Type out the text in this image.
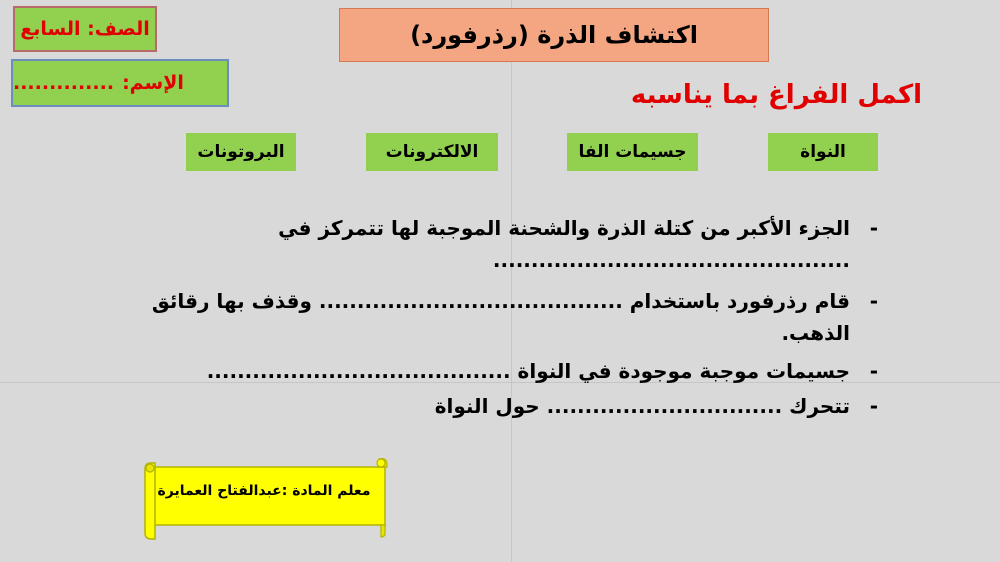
الصف: السابع
الإسم:
..............
اكتشاف الذرة (رذرفورد)
اكمل الفراغ بما يناسبه
النواة
جسيمات الفا
الالكترونات
البروتونات
-
الجزء الأكبر من كتلة الذرة والشحنة الموجبة لها تتمركز في
...............................................
-
قام رذرفورد باستخدام ........................................ وقذف بها رقائق
الذهب.
-
جسيمات موجبة موجودة في النواة ........................................
-
تتحرك ............................... حول النواة
معلم المادة :عبدالفتاح العمايرة
